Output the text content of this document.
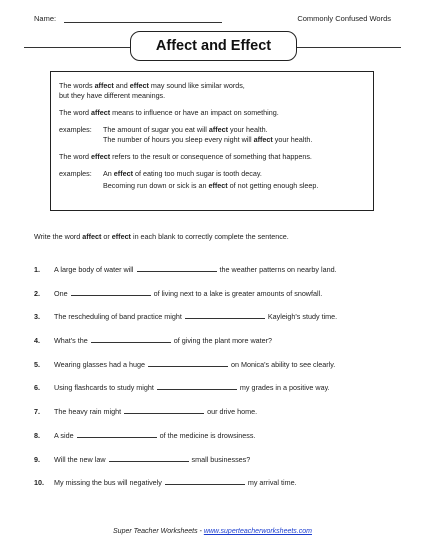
Name:	Commonly Confused Words
Affect and Effect

The words affect and effect may sound like similar words,
but they have different meanings.

The word affect means to influence or have an impact on something.

examples:	The amount of sugar you eat will affect your health.
The number of hours you sleep every night will affect your health.

The word effect refers to the result or consequence of something that happens.

examples:	An effect of eating too much sugar is tooth decay.
Becoming run down or sick is an effect of not getting enough sleep.
Write the word affect or effect in each blank to correctly complete the sentence.
1.	A large body of water will	the weather patterns on nearby land.
2.	One	of living next to a lake is greater amounts of snowfall.
3.	The rescheduling of band practice might	Kayleigh's study time.
4.	What's the	of giving the plant more water?
5.	Wearing glasses had a huge	on Monica's ability to see clearly.
6.	Using flashcards to study might	my grades in a positive way.
7.	The heavy rain might	our drive home.
8.	A side	of the medicine is drowsiness.
9.	Will the new law	small businesses?
10.	My missing the bus will negatively	my arrival time.
Super Teacher Worksheets - www.superteacherworksheets.com
